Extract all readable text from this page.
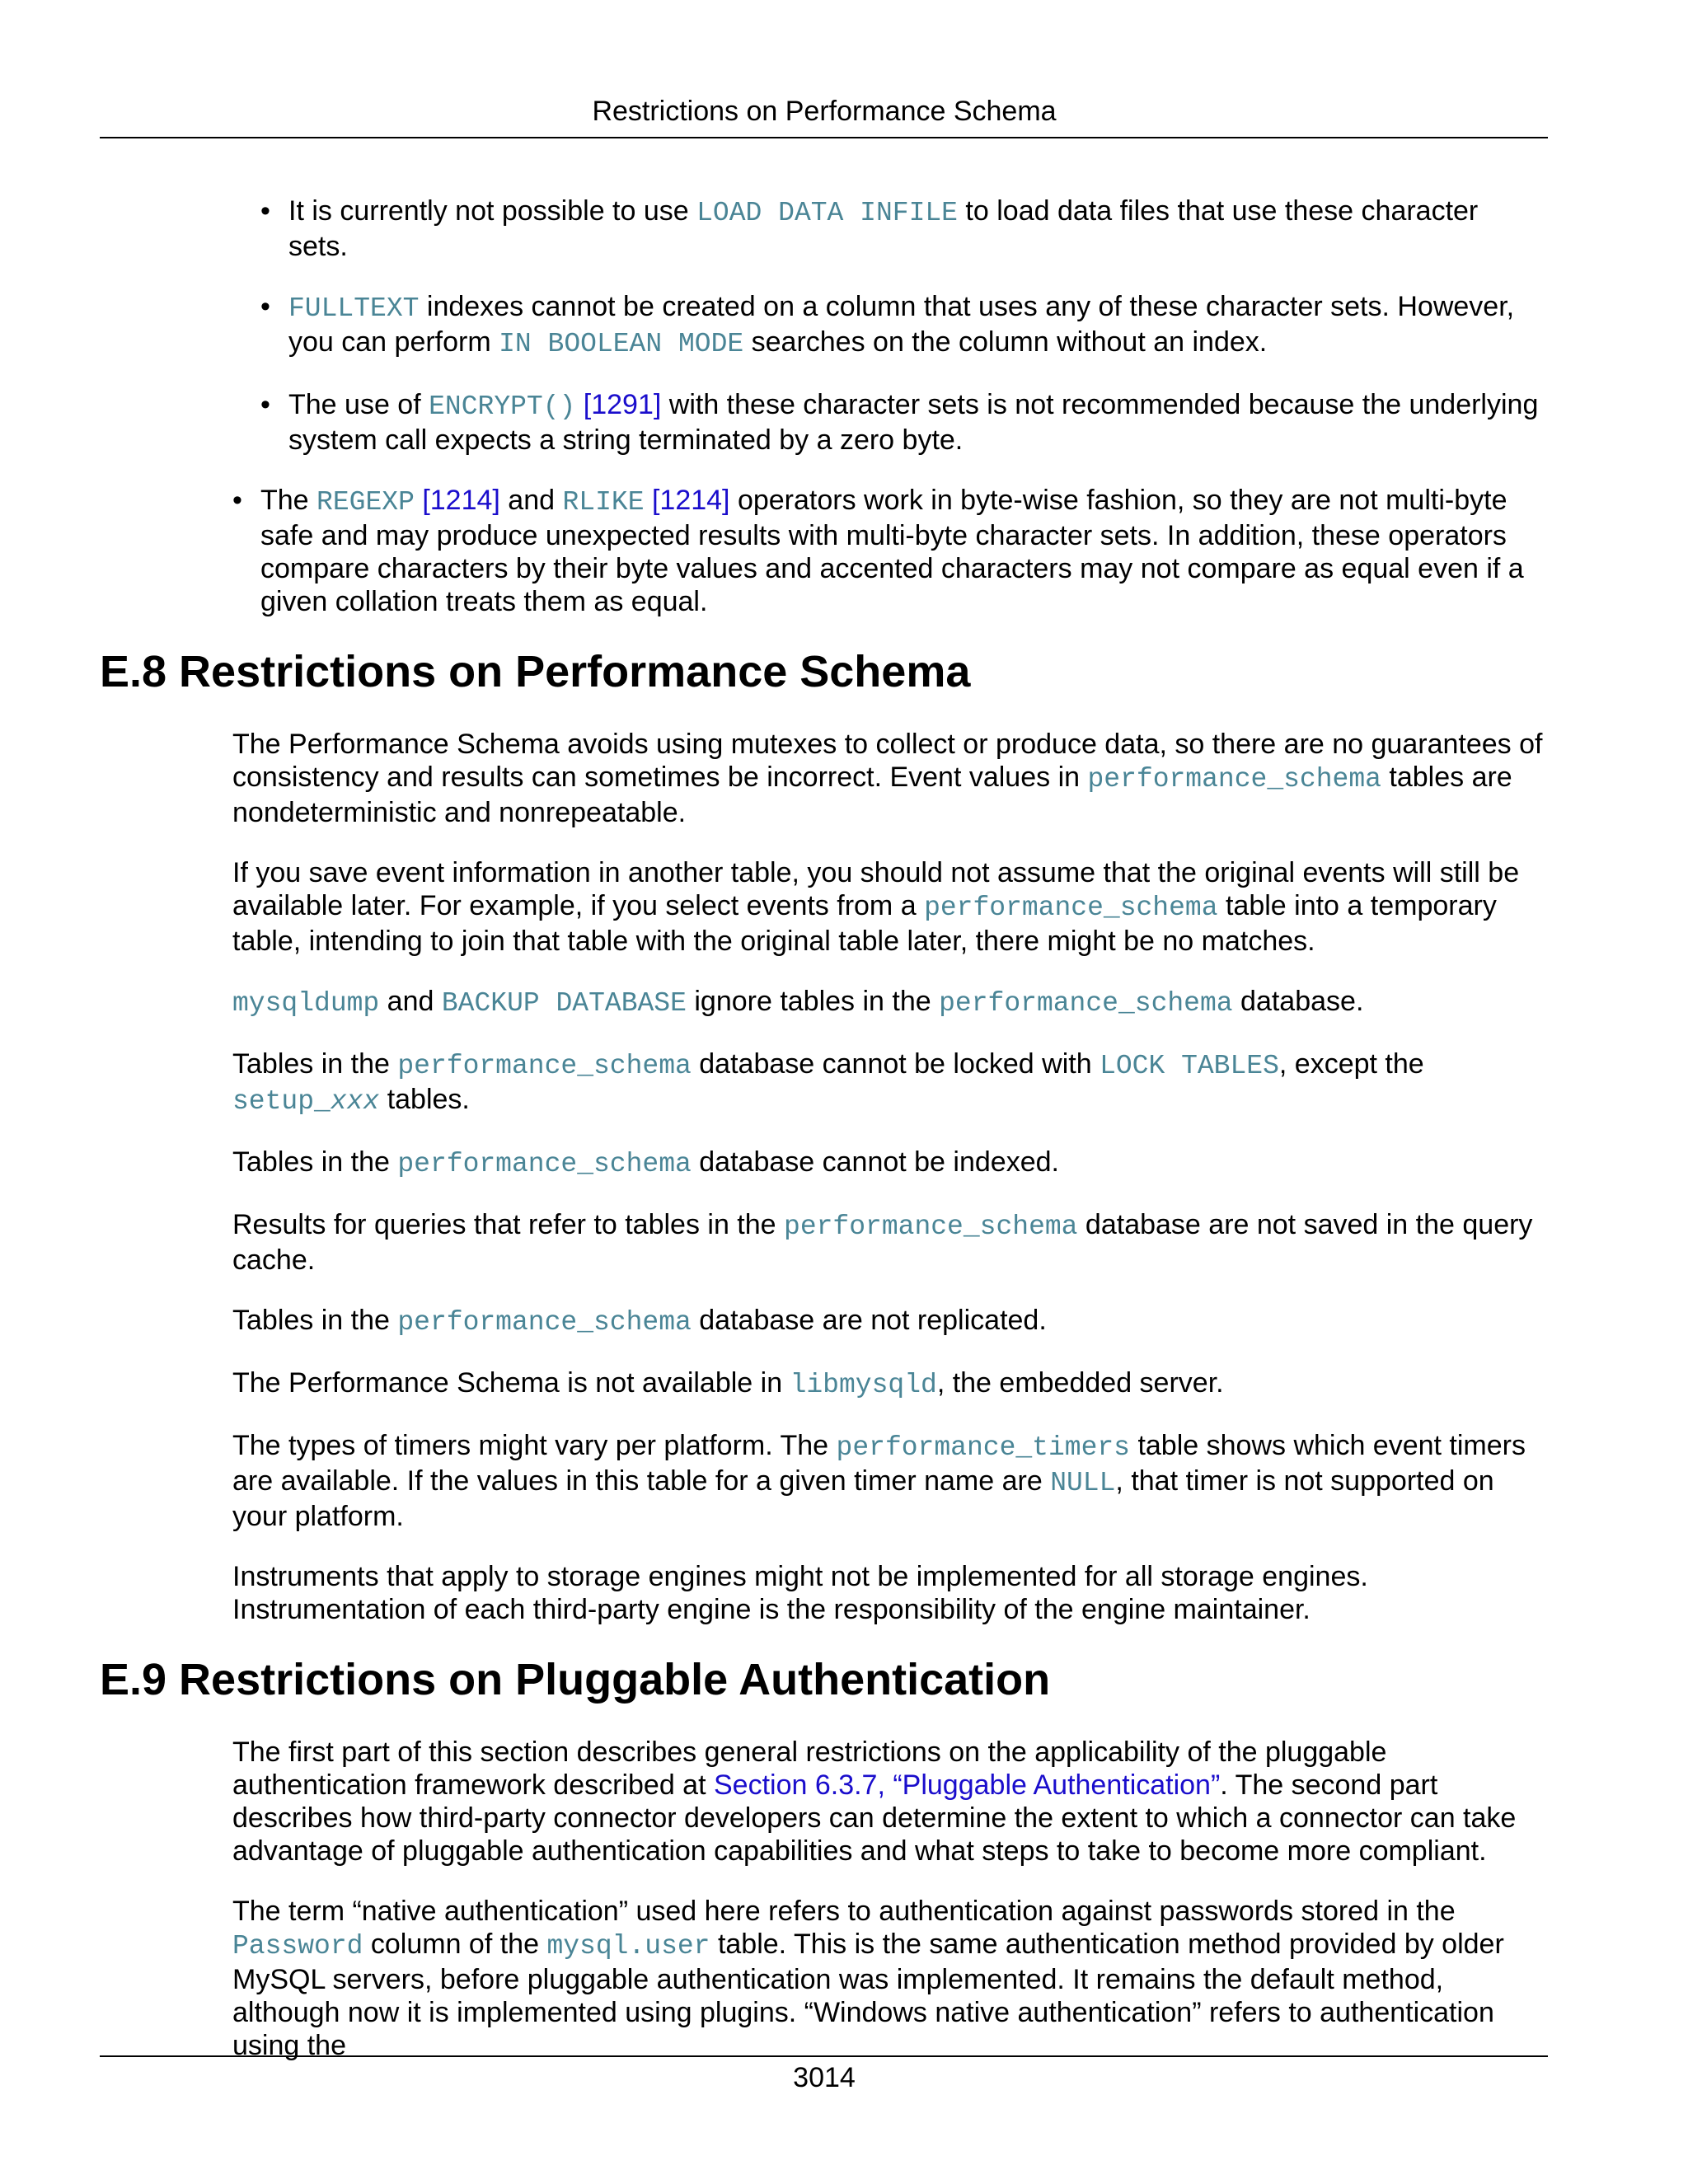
Restrictions on Performance Schema
• It is currently not possible to use LOAD DATA INFILE to load data files that use these character sets.
• FULLTEXT indexes cannot be created on a column that uses any of these character sets. However, you can perform IN BOOLEAN MODE searches on the column without an index.
• The use of ENCRYPT() [1291] with these character sets is not recommended because the underlying system call expects a string terminated by a zero byte.
• The REGEXP [1214] and RLIKE [1214] operators work in byte-wise fashion, so they are not multi-byte safe and may produce unexpected results with multi-byte character sets. In addition, these operators compare characters by their byte values and accented characters may not compare as equal even if a given collation treats them as equal.
E.8 Restrictions on Performance Schema

The Performance Schema avoids using mutexes to collect or produce data, so there are no guarantees of consistency and results can sometimes be incorrect. Event values in performance_schema tables are nondeterministic and nonrepeatable.

If you save event information in another table, you should not assume that the original events will still be available later. For example, if you select events from a performance_schema table into a temporary table, intending to join that table with the original table later, there might be no matches.

mysqldump and BACKUP DATABASE ignore tables in the performance_schema database.

Tables in the performance_schema database cannot be locked with LOCK TABLES, except the setup_xxx tables.

Tables in the performance_schema database cannot be indexed.

Results for queries that refer to tables in the performance_schema database are not saved in the query cache.

Tables in the performance_schema database are not replicated.

The Performance Schema is not available in libmysqld, the embedded server.

The types of timers might vary per platform. The performance_timers table shows which event timers are available. If the values in this table for a given timer name are NULL, that timer is not supported on your platform.

Instruments that apply to storage engines might not be implemented for all storage engines. Instrumentation of each third-party engine is the responsibility of the engine maintainer.

E.9 Restrictions on Pluggable Authentication

The first part of this section describes general restrictions on the applicability of the pluggable authentication framework described at Section 6.3.7, “Pluggable Authentication”. The second part describes how third-party connector developers can determine the extent to which a connector can take advantage of pluggable authentication capabilities and what steps to take to become more compliant.

The term “native authentication” used here refers to authentication against passwords stored in the Password column of the mysql.user table. This is the same authentication method provided by older MySQL servers, before pluggable authentication was implemented. It remains the default method, although now it is implemented using plugins. “Windows native authentication” refers to authentication using the

3014
